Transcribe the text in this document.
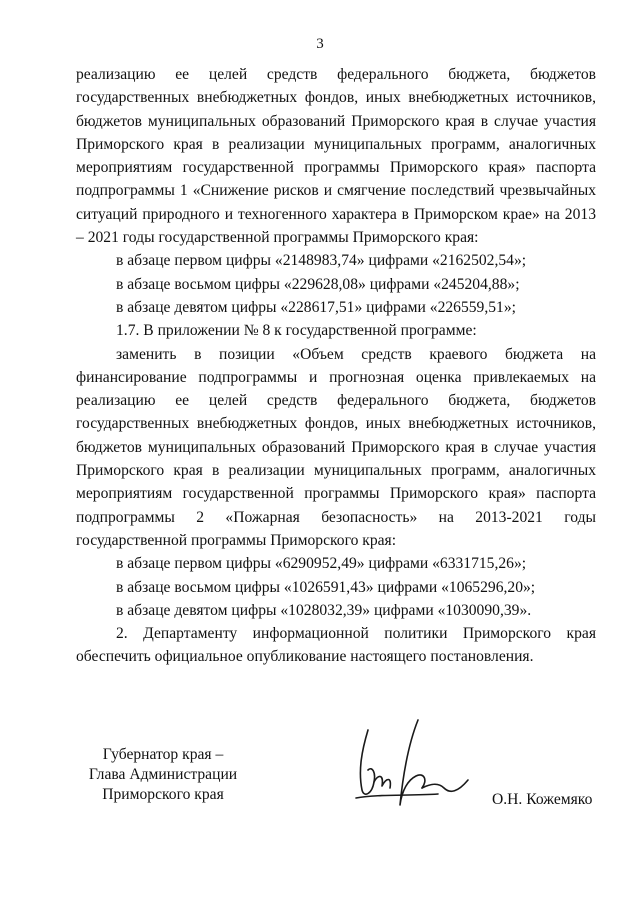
3

реализацию ее целей средств федерального бюджета, бюджетов государственных внебюджетных фондов, иных внебюджетных источников, бюджетов муниципальных образований Приморского края в случае участия Приморского края в реализации муниципальных программ, аналогичных мероприятиям государственной программы Приморского края» паспорта подпрограммы 1 «Снижение рисков и смягчение последствий чрезвычайных ситуаций природного и техногенного характера в Приморском крае» на 2013 – 2021 годы государственной программы Приморского края:

в абзаце первом цифры «2148983,74» цифрами «2162502,54»;

в абзаце восьмом цифры «229628,08» цифрами «245204,88»;

в абзаце девятом цифры «228617,51» цифрами «226559,51»;

1.7. В приложении № 8 к государственной программе:

заменить в позиции «Объем средств краевого бюджета на финансирование подпрограммы и прогнозная оценка привлекаемых на реализацию ее целей средств федерального бюджета, бюджетов государственных внебюджетных фондов, иных внебюджетных источников, бюджетов муниципальных образований Приморского края в случае участия Приморского края в реализации муниципальных программ, аналогичных мероприятиям государственной программы Приморского края» паспорта подпрограммы 2 «Пожарная безопасность» на 2013-2021 годы государственной программы Приморского края:

в абзаце первом цифры «6290952,49» цифрами «6331715,26»;

в абзаце восьмом цифры «1026591,43» цифрами «1065296,20»;

в абзаце девятом цифры «1028032,39» цифрами «1030090,39».

2. Департаменту информационной политики Приморского края обеспечить официальное опубликование настоящего постановления.

Губернатор края –
Глава Администрации
Приморского края	О.Н. Кожемяко
